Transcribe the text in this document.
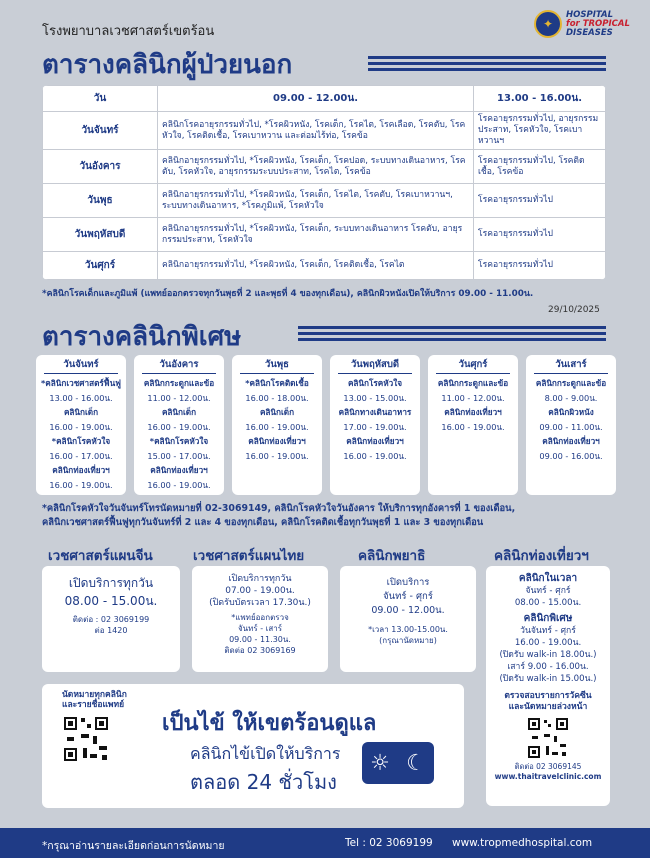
โรงพยาบาลเวชศาสตร์เขตร้อน	✦
HOSPITAL
for TROPICAL
DISEASES
ตารางคลินิกผู้ป่วยนอก
วัน	09.00 - 12.00น.	13.00 - 16.00น.
วันจันทร์	คลินิกโรคอายุรกรรมทั่วไป, *โรคผิวหนัง, โรคเด็ก, โรคไต, โรคเลือด, โรคตับ, โรคหัวใจ, โรคติดเชื้อ, โรคเบาหวาน และต่อมไร้ท่อ, โรคข้อ	โรคอายุรกรรมทั่วไป, อายุรกรรมประสาท, โรคหัวใจ, โรคเบาหวานฯ
วันอังคาร	คลินิกอายุรกรรมทั่วไป, *โรคผิวหนัง, โรคเด็ก, โรคปอด, ระบบทางเดินอาหาร, โรคตับ, โรคหัวใจ, อายุรกรรมระบบประสาท, โรคไต, โรคข้อ	โรคอายุรกรรมทั่วไป, โรคติดเชื้อ, โรคข้อ
วันพุธ	คลินิกอายุรกรรมทั่วไป, *โรคผิวหนัง, โรคเด็ก, โรคไต, โรคตับ, โรคเบาหวานฯ, ระบบทางเดินอาหาร, *โรคภูมิแพ้, โรคหัวใจ	โรคอายุรกรรมทั่วไป
วันพฤหัสบดี	คลินิกอายุรกรรมทั่วไป, *โรคผิวหนัง, โรคเด็ก, ระบบทางเดินอาหาร โรคตับ, อายุรกรรมประสาท, โรคหัวใจ	โรคอายุรกรรมทั่วไป
วันศุกร์	คลินิกอายุรกรรมทั่วไป, *โรคผิวหนัง, โรคเด็ก, โรคติดเชื้อ, โรคไต	โรคอายุรกรรมทั่วไป
*คลินิกโรคเด็กและภูมิแพ้ (แพทย์ออกตรวจทุกวันพุธที่ 2 และพุธที่ 4 ของทุกเดือน), คลินิกผิวหนังเปิดให้บริการ 09.00 - 11.00น.
29/10/2025
ตารางคลินิกพิเศษ
วันจันทร์
*คลินิกเวชศาสตร์ฟื้นฟู
13.00 - 16.00น.
คลินิกเด็ก
16.00 - 19.00น.
*คลินิกโรคหัวใจ
16.00 - 17.00น.
คลินิกท่องเที่ยวฯ
16.00 - 19.00น.
วันอังคาร
คลินิกกระดูกและข้อ
11.00 - 12.00น.
คลินิกเด็ก
16.00 - 19.00น.
*คลินิกโรคหัวใจ
15.00 - 17.00น.
คลินิกท่องเที่ยวฯ
16.00 - 19.00น.
วันพุธ
*คลินิกโรคติดเชื้อ
16.00 - 18.00น.
คลินิกเด็ก
16.00 - 19.00น.
คลินิกท่องเที่ยวฯ
16.00 - 19.00น.
วันพฤหัสบดี
คลินิกโรคหัวใจ
13.00 - 15.00น.
คลินิกทางเดินอาหาร
17.00 - 19.00น.
คลินิกท่องเที่ยวฯ
16.00 - 19.00น.
วันศุกร์
คลินิกกระดูกและข้อ
11.00 - 12.00น.
คลินิกท่องเที่ยวฯ
16.00 - 19.00น.
วันเสาร์
คลินิกกระดูกและข้อ
8.00 - 9.00น.
คลินิกผิวหนัง
09.00 - 11.00น.
คลินิกท่องเที่ยวฯ
09.00 - 16.00น.
*คลินิกโรคหัวใจวันจันทร์โทรนัดหมายที่ 02-3069149, คลินิกโรคหัวใจวันอังคาร ให้บริการทุกอังคารที่ 1 ของเดือน,
คลินิกเวชศาสตร์ฟื้นฟูทุกวันจันทร์ที่ 2 และ 4 ของทุกเดือน, คลินิกโรคติดเชื้อทุกวันพุธที่ 1 และ 3 ของทุกเดือน
เวชศาสตร์แผนจีน	เวชศาสตร์แผนไทย	คลินิกพยาธิ	คลินิกท่องเที่ยวฯ
เปิดบริการทุกวัน
08.00 - 15.00น.
ติดต่อ : 02 3069199
ต่อ 1420
เปิดบริการทุกวัน
07.00 - 19.00น.
(ปิดรับบัตรเวลา 17.30น.)
*แพทย์ออกตรวจ
จันทร์ - เสาร์
09.00 - 11.30น.
ติดต่อ 02 3069169
เปิดบริการ
จันทร์ - ศุกร์
09.00 - 12.00น.
*เวลา 13.00-15.00น.
(กรุณานัดหมาย)
คลินิกในเวลา
จันทร์ - ศุกร์
08.00 - 15.00น.
คลินิกพิเศษ
วันจันทร์ - ศุกร์
16.00 - 19.00น.
(ปิดรับ walk-in 18.00น.)
เสาร์ 9.00 - 16.00น.
(ปิดรับ walk-in 15.00น.)
ตรวจสอบรายการวัคซีน
และนัดหมายล่วงหน้า
ติดต่อ 02 3069145
www.thaitravelclinic.com
นัดหมายทุกคลินิก และรายชื่อแพทย์
เป็นไข้ ให้เขตร้อนดูแล
คลินิกไข้เปิดให้บริการ
ตลอด 24 ชั่วโมง
☼ ☾
*กรุณาอ่านรายละเอียดก่อนการนัดหมาย	Tel : 02 3069199 www.tropmedhospital.com
